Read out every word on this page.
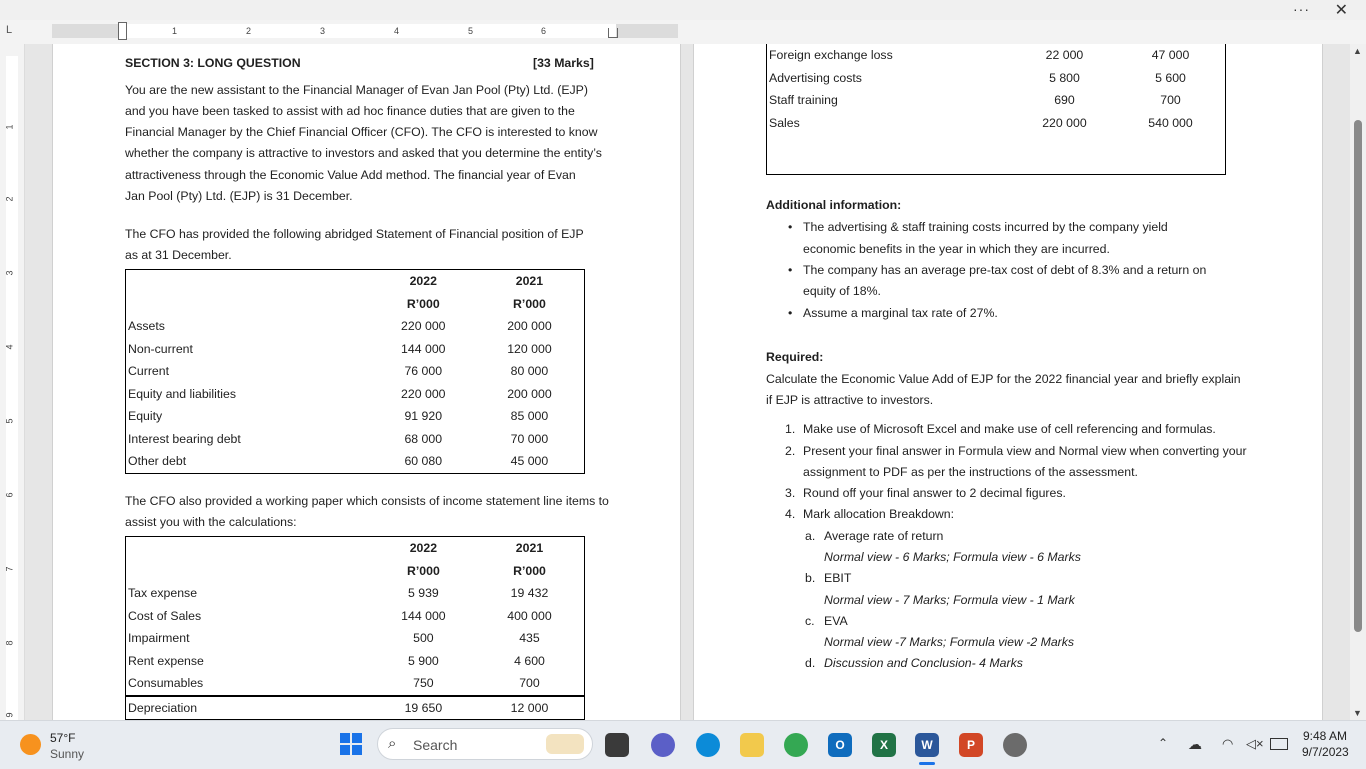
··· ✕
L	1	2	3	4	5	6
1
2
3
4
5
6
7
8
9
SECTION 3: LONG QUESTION	[33 Marks]
You are the new assistant to the Financial Manager of Evan Jan Pool (Pty) Ltd. (EJP)
and you have been tasked to assist with ad hoc finance duties that are given to the
Financial Manager by the Chief Financial Officer (CFO). The CFO is interested to know
whether the company is attractive to investors and asked that you determine the entity’s
attractiveness through the Economic Value Add method. The financial year of Evan
Jan Pool (Pty) Ltd. (EJP) is 31 December.
The CFO has provided the following abridged Statement of Financial position of EJP
as at 31 December.
	2022	2021
	R’000	R’000
Assets	220 000	200 000
Non-current	144 000	120 000
Current	76 000	80 000
Equity and liabilities	220 000	200 000
Equity	91 920	85 000
Interest bearing debt	68 000	70 000
Other debt	60 080	45 000
The CFO also provided a working paper which consists of income statement line items to
assist you with the calculations:
	2022	2021
	R’000	R’000
Tax expense	5 939	19 432
Cost of Sales	144 000	400 000
Impairment	500	435
Rent expense	5 900	4 600
Consumables	750	700
Depreciation	19 650	12 000
Foreign exchange loss	22 000	47 000
Advertising costs	5 800	5 600
Staff training	690	700
Sales	220 000	540 000

Additional information:
• The advertising & staff training costs incurred by the company yield
economic benefits in the year in which they are incurred.
• The company has an average pre-tax cost of debt of 8.3% and a return on
equity of 18%.
• Assume a marginal tax rate of 27%.
Required:
Calculate the Economic Value Add of EJP for the 2022 financial year and briefly explain
if EJP is attractive to investors.
1. Make use of Microsoft Excel and make use of cell referencing and formulas.
2. Present your final answer in Formula view and Normal view when converting your
assignment to PDF as per the instructions of the assessment.
3. Round off your final answer to 2 decimal figures.
4. Mark allocation Breakdown:
a. Average rate of return
Normal view - 6 Marks; Formula view - 6 Marks
b. EBIT
Normal view - 7 Marks; Formula view - 1 Mark
c. EVA
Normal view -7 Marks; Formula view -2 Marks
d. Discussion and Conclusion- 4 Marks
▲
▼
57°F
Sunny
⌕ Search	O	X	W	P	⌃ ☁ ◠ ◁×	9:48 AM
9/7/2023
